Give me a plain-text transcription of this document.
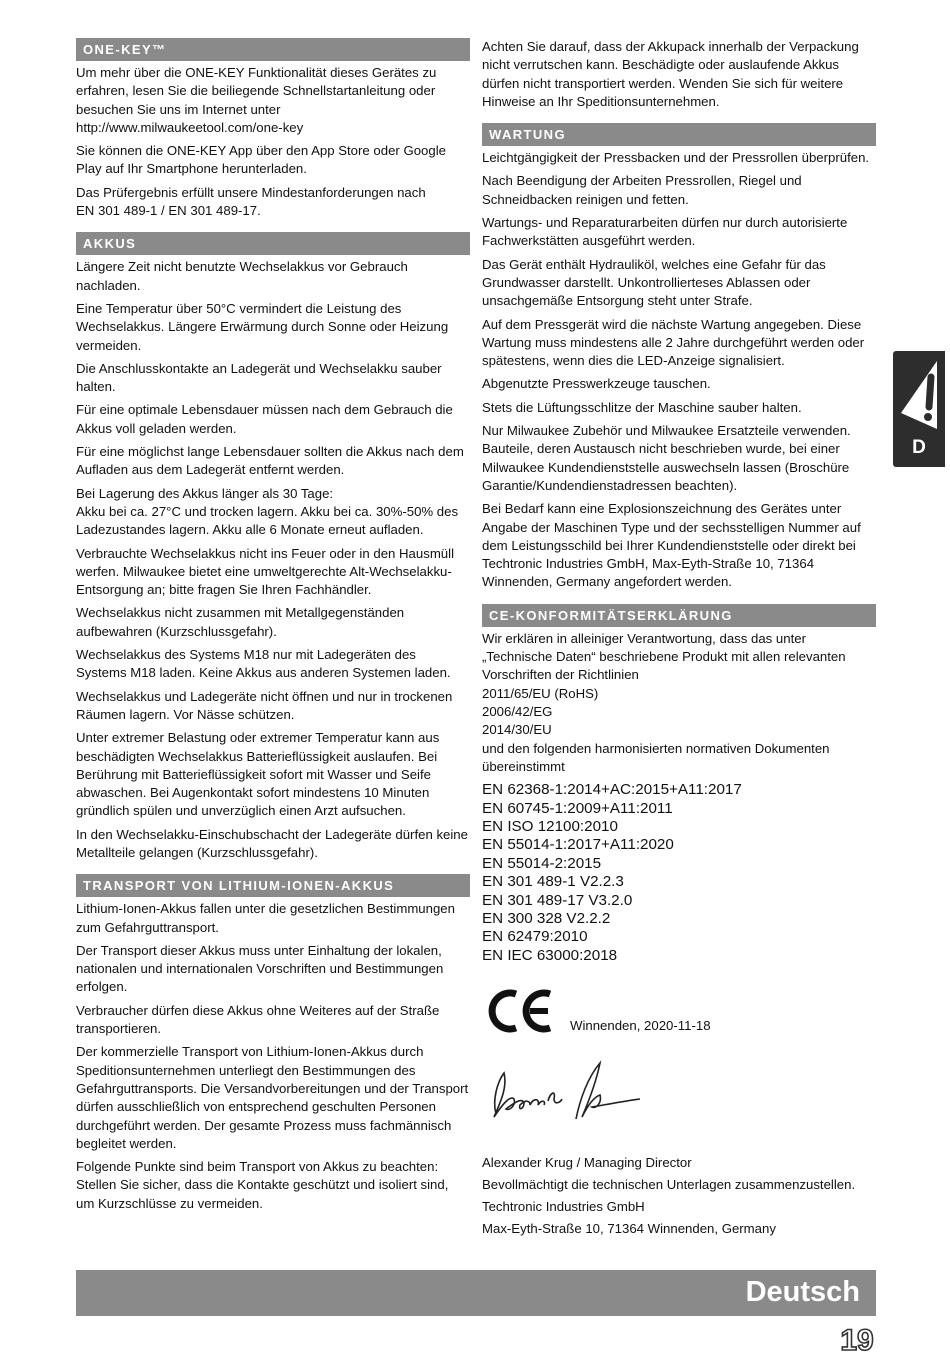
ONE-KEY™

Um mehr über die ONE-KEY Funktionalität dieses Gerätes zu erfahren, lesen Sie die beiliegende Schnellstartanleitung oder besuchen Sie uns im Internet unter
http://www.milwaukeetool.com/one-key

Sie können die ONE-KEY App über den App Store oder Google Play auf Ihr Smartphone herunterladen.

Das Prüfergebnis erfüllt unsere Mindestanforderungen nach
EN 301 489-1 / EN 301 489-17.

AKKUS

Längere Zeit nicht benutzte Wechselakkus vor Gebrauch nachladen.

Eine Temperatur über 50°C vermindert die Leistung des Wechselakkus. Längere Erwärmung durch Sonne oder Heizung vermeiden.

Die Anschlusskontakte an Ladegerät und Wechselakku sauber halten.

Für eine optimale Lebensdauer müssen nach dem Gebrauch die Akkus voll geladen werden.

Für eine möglichst lange Lebensdauer sollten die Akkus nach dem Aufladen aus dem Ladegerät entfernt werden.

Bei Lagerung des Akkus länger als 30 Tage:
Akku bei ca. 27°C und trocken lagern. Akku bei ca. 30%-50% des Ladezustandes lagern. Akku alle 6 Monate erneut aufladen.

Verbrauchte Wechselakkus nicht ins Feuer oder in den Hausmüll werfen. Milwaukee bietet eine umweltgerechte Alt-Wechselakku-Entsorgung an; bitte fragen Sie Ihren Fachhändler.

Wechselakkus nicht zusammen mit Metallgegenständen aufbewahren (Kurzschlussgefahr).

Wechselakkus des Systems M18 nur mit Ladegeräten des Systems M18 laden. Keine Akkus aus anderen Systemen laden.

Wechselakkus und Ladegeräte nicht öffnen und nur in trockenen Räumen lagern. Vor Nässe schützen.

Unter extremer Belastung oder extremer Temperatur kann aus beschädigten Wechselakkus Batterieflüssigkeit auslaufen. Bei Berührung mit Batterieflüssigkeit sofort mit Wasser und Seife abwaschen. Bei Augenkontakt sofort mindestens 10 Minuten gründlich spülen und unverzüglich einen Arzt aufsuchen.

In den Wechselakku-Einschubschacht der Ladegeräte dürfen keine Metallteile gelangen (Kurzschlussgefahr).

TRANSPORT VON LITHIUM-IONEN-AKKUS

Lithium-Ionen-Akkus fallen unter die gesetzlichen Bestimmungen zum Gefahrguttransport.

Der Transport dieser Akkus muss unter Einhaltung der lokalen, nationalen und internationalen Vorschriften und Bestimmungen erfolgen.

Verbraucher dürfen diese Akkus ohne Weiteres auf der Straße transportieren.

Der kommerzielle Transport von Lithium-Ionen-Akkus durch Speditionsunternehmen unterliegt den Bestimmungen des Gefahrguttransports. Die Versandvorbereitungen und der Transport dürfen ausschließlich von entsprechend geschulten Personen durchgeführt werden. Der gesamte Prozess muss fachmännisch begleitet werden.

Folgende Punkte sind beim Transport von Akkus zu beachten:
Stellen Sie sicher, dass die Kontakte geschützt und isoliert sind, um Kurzschlüsse zu vermeiden.

Achten Sie darauf, dass der Akkupack innerhalb der Verpackung nicht verrutschen kann. Beschädigte oder auslaufende Akkus dürfen nicht transportiert werden. Wenden Sie sich für weitere Hinweise an Ihr Speditionsunternehmen.

WARTUNG

Leichtgängigkeit der Pressbacken und der Pressrollen überprüfen.

Nach Beendigung der Arbeiten Pressrollen, Riegel und Schneidbacken reinigen und fetten.

Wartungs- und Reparaturarbeiten dürfen nur durch autorisierte Fachwerkstätten ausgeführt werden.

Das Gerät enthält Hydrauliköl, welches eine Gefahr für das Grundwasser darstellt. Unkontrollierteses Ablassen oder unsachgemäße Entsorgung steht unter Strafe.

Auf dem Pressgerät wird die nächste Wartung angegeben. Diese Wartung muss mindestens alle 2 Jahre durchgeführt werden oder spätestens, wenn dies die LED-Anzeige signalisiert.

Abgenutzte Presswerkzeuge tauschen.

Stets die Lüftungsschlitze der Maschine sauber halten.

Nur Milwaukee Zubehör und Milwaukee Ersatzteile verwenden. Bauteile, deren Austausch nicht beschrieben wurde, bei einer Milwaukee Kundendienststelle auswechseln lassen (Broschüre Garantie/Kundendienstadressen beachten).

Bei Bedarf kann eine Explosionszeichnung des Gerätes unter Angabe der Maschinen Type und der sechsstelligen Nummer auf dem Leistungsschild bei Ihrer Kundendienststelle oder direkt bei Techtronic Industries GmbH, Max-Eyth-Straße 10, 71364 Winnenden, Germany angefordert werden.

CE-KONFORMITÄTSERKLÄRUNG

Wir erklären in alleiniger Verantwortung, dass das unter „Technische Daten“ beschriebene Produkt mit allen relevanten Vorschriften der Richtlinien
2011/65/EU (RoHS)
2006/42/EG
2014/30/EU
und den folgenden harmonisierten normativen Dokumenten übereinstimmt

EN 62368-1:2014+AC:2015+A11:2017
EN 60745-1:2009+A11:2011
EN ISO 12100:2010
EN 55014-1:2017+A11:2020
EN 55014-2:2015
EN 301 489-1 V2.2.3
EN 301 489-17 V3.2.0
EN 300 328 V2.2.2
EN 62479:2010
EN IEC 63000:2018
Winnenden, 2020-11-18
Alexander Krug / Managing Director
Bevollmächtigt die technischen Unterlagen zusammenzustellen.
Techtronic Industries GmbH
Max-Eyth-Straße 10, 71364 Winnenden, Germany
D
Deutsch
19
